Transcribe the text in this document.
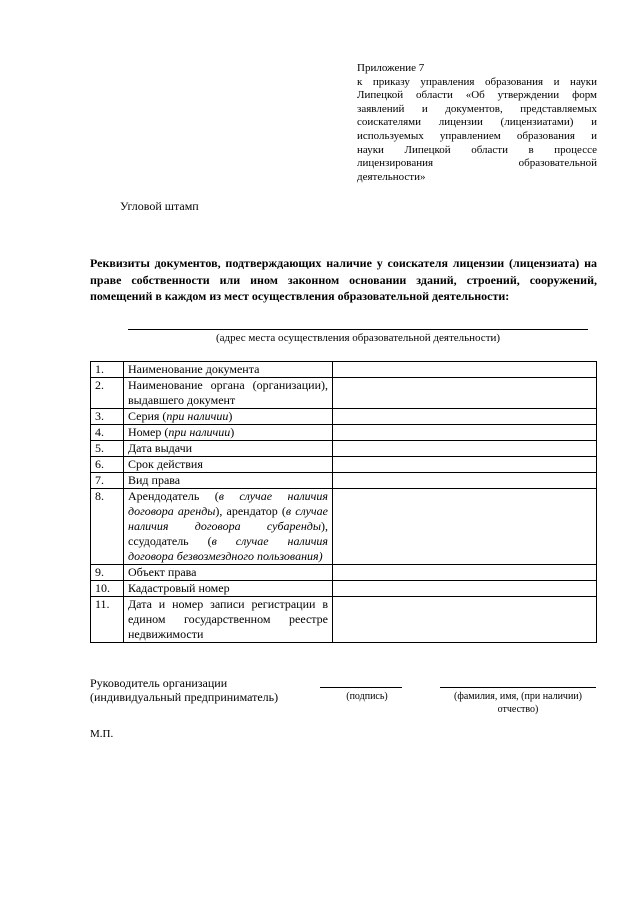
Приложение 7
к приказу управления образования и науки
Липецкой области «Об утверждении форм
заявлений и документов, представляемых
соискателями лицензии (лицензиатами) и
используемых управлением образования и
науки Липецкой области в процессе
лицензирования образовательной
деятельности»
Угловой штамп
Реквизиты документов, подтверждающих наличие у соискателя лицензии (лицензиата) на праве собственности или ином законном основании зданий, строений, сооружений, помещений в каждом из мест осуществления образовательной деятельности:
(адрес места осуществления образовательной деятельности)
1.	Наименование документа	
2.	Наименование органа (организации), выдавшего документ	
3.	Серия (при наличии)	
4.	Номер (при наличии)	
5.	Дата выдачи	
6.	Срок действия	
7.	Вид права	
8.	Арендодатель (в случае наличия договора аренды), арендатор (в случае наличия договора субаренды), ссудодатель (в случае наличия договора безвозмездного пользования)	
9.	Объект права	
10.	Кадастровый номер	
11.	Дата и номер записи регистрации в едином государственном реестре недвижимости	
Руководитель организации
(индивидуальный предприниматель)	(подпись)	(фамилия, имя, (при наличии) отчество)
М.П.
